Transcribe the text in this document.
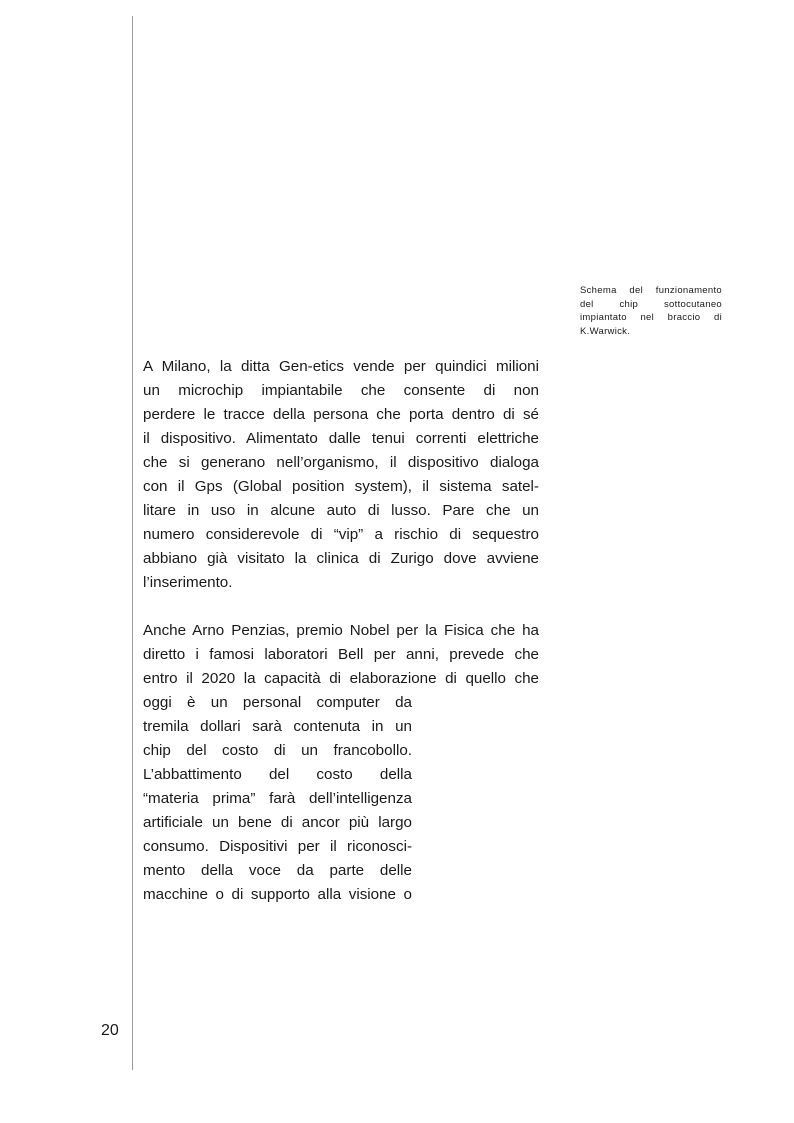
Schema del funzionamento
del chip sottocutaneo
impiantato nel braccio di
K.Warwick.
A Milano, la ditta Gen-etics vende per quindici milioni
un microchip impiantabile che consente di non
perdere le tracce della persona che porta dentro di sé
il dispositivo. Alimentato dalle tenui correnti elettriche
che si generano nell’organismo, il dispositivo dialoga
con il Gps (Global position system), il sistema satel-
litare in uso in alcune auto di lusso. Pare che un
numero considerevole di “vip” a rischio di sequestro
abbiano già visitato la clinica di Zurigo dove avviene
l’inserimento.
Anche Arno Penzias, premio Nobel per la Fisica che ha
diretto i famosi laboratori Bell per anni, prevede che
entro il 2020 la capacità di elaborazione di quello che
oggi è un personal computer da
tremila dollari sarà contenuta in un
chip del costo di un francobollo.
L’abbattimento del costo della
“materia prima” farà dell’intelligenza
artificiale un bene di ancor più largo
consumo. Dispositivi per il riconosci-
mento della voce da parte delle
macchine o di supporto alla visione o
20
